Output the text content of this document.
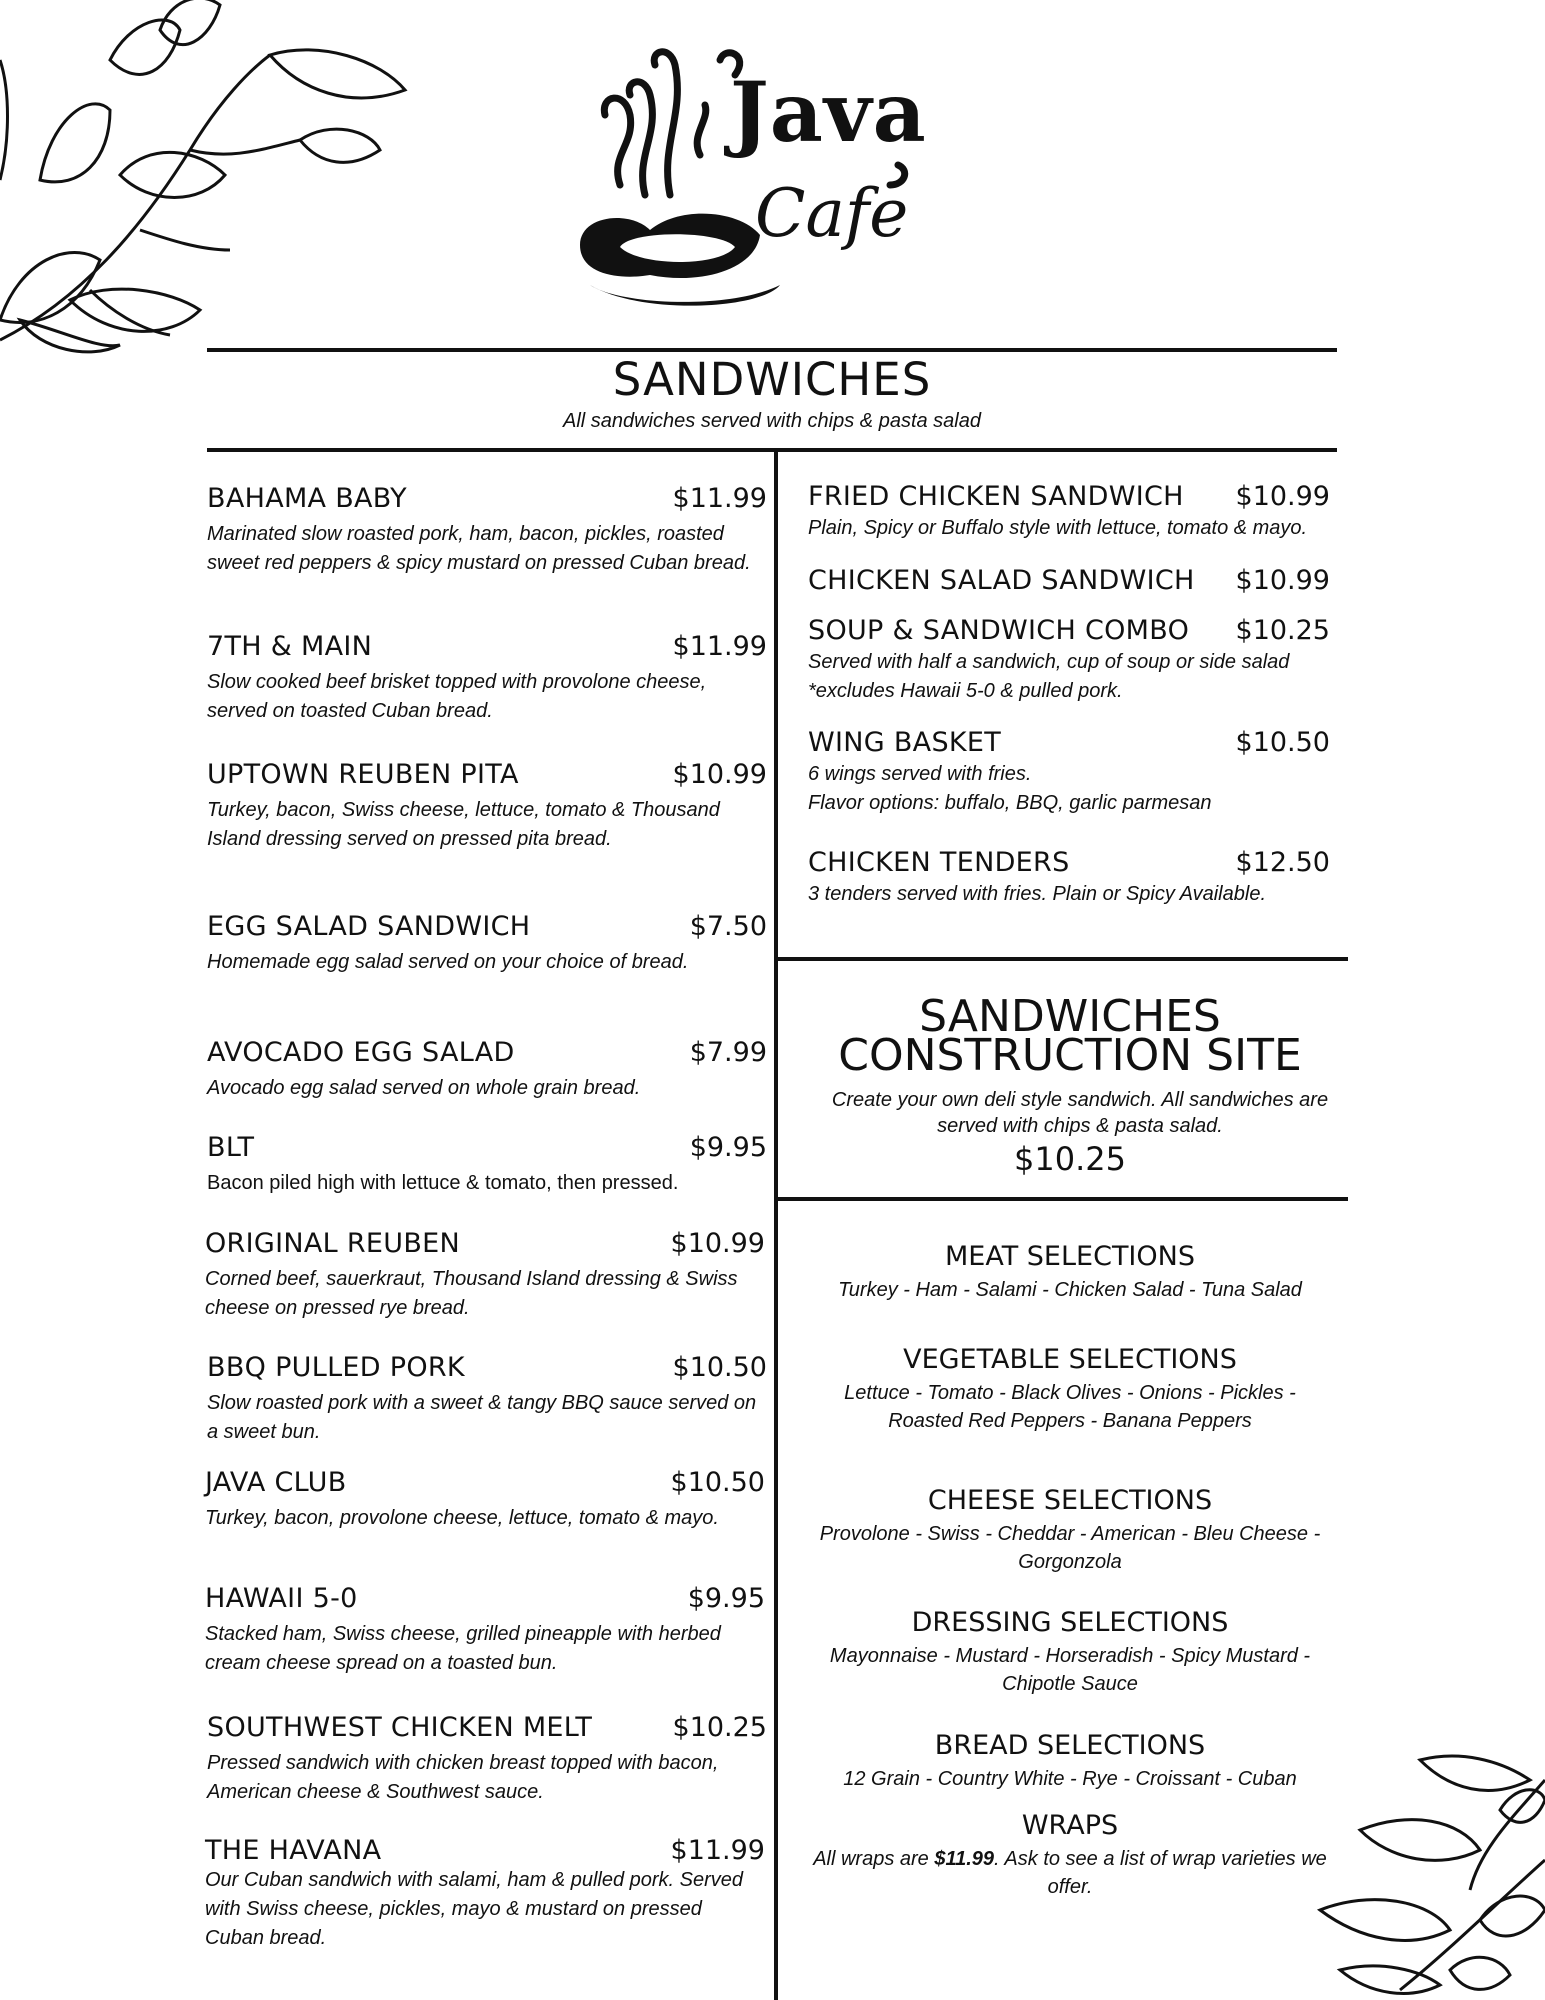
Java
Cafe
SANDWICHES
All sandwiches served with chips & pasta salad
BAHAMA BABY	$11.99
Marinated slow roasted pork, ham, bacon, pickles, roasted sweet red peppers & spicy mustard on pressed Cuban bread.
7TH & MAIN	$11.99
Slow cooked beef brisket topped with provolone cheese, served on toasted Cuban bread.
UPTOWN REUBEN PITA	$10.99
Turkey, bacon, Swiss cheese, lettuce, tomato & Thousand Island dressing served on pressed pita bread.
EGG SALAD SANDWICH	$7.50
Homemade egg salad served on your choice of bread.
AVOCADO EGG SALAD	$7.99
Avocado egg salad served on whole grain bread.
BLT	$9.95
Bacon piled high with lettuce & tomato, then pressed.
ORIGINAL REUBEN	$10.99
Corned beef, sauerkraut, Thousand Island dressing & Swiss cheese on pressed rye bread.
BBQ PULLED PORK	$10.50
Slow roasted pork with a sweet & tangy BBQ sauce served on a sweet bun.
JAVA CLUB	$10.50
Turkey, bacon, provolone cheese, lettuce, tomato & mayo.
HAWAII 5-0	$9.95
Stacked ham, Swiss cheese, grilled pineapple with herbed cream cheese spread on a toasted bun.
SOUTHWEST CHICKEN MELT	$10.25
Pressed sandwich with chicken breast topped with bacon, American cheese & Southwest sauce.
THE HAVANA	$11.99
Our Cuban sandwich with salami, ham & pulled pork. Served with Swiss cheese, pickles, mayo & mustard on pressed Cuban bread.
FRIED CHICKEN SANDWICH $10.99
Plain, Spicy or Buffalo style with lettuce, tomato & mayo.
CHICKEN SALAD SANDWICH $10.99
SOUP & SANDWICH COMBO $10.25
Served with half a sandwich, cup of soup or side salad *excludes Hawaii 5-0 & pulled pork.
WING BASKET	$10.50
6 wings served with fries.
Flavor options: buffalo, BBQ, garlic parmesan
CHICKEN TENDERS	$12.50
3 tenders served with fries. Plain or Spicy Available.
SANDWICHES
CONSTRUCTION SITE
Create your own deli style sandwich. All sandwiches are served with chips & pasta salad.
$10.25
MEAT SELECTIONS
Turkey - Ham - Salami - Chicken Salad - Tuna Salad
VEGETABLE SELECTIONS
Lettuce - Tomato - Black Olives - Onions - Pickles - Roasted Red Peppers - Banana Peppers
CHEESE SELECTIONS
Provolone - Swiss - Cheddar - American - Bleu Cheese - Gorgonzola
DRESSING SELECTIONS
Mayonnaise - Mustard - Horseradish - Spicy Mustard - Chipotle Sauce
BREAD SELECTIONS
12 Grain - Country White - Rye - Croissant - Cuban
WRAPS
All wraps are $11.99. Ask to see a list of wrap varieties we offer.
